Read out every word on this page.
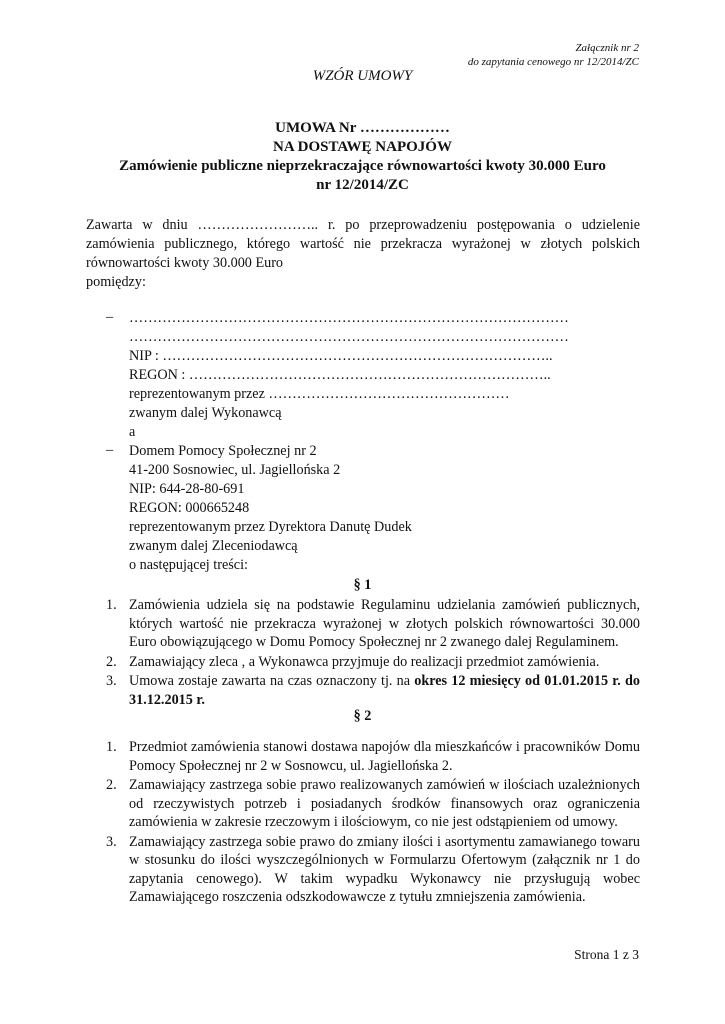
Załącznik nr 2
do zapytania cenowego nr 12/2014/ZC
WZÓR UMOWY
UMOWA Nr ………………
NA DOSTAWĘ NAPOJÓW
Zamówienie publiczne nieprzekraczające równowartości kwoty 30.000 Euro
nr 12/2014/ZC
Zawarta w dniu …………………….. r. po przeprowadzeniu postępowania o udzielenie zamówienia publicznego, którego wartość nie przekracza wyrażonej w złotych polskich równowartości kwoty 30.000 Euro
pomiędzy:
– …………………………………………………………………………………
…………………………………………………………………………………
NIP : ………………………………………………………………………..
REGON : …………………………………………………………………..
reprezentowanym przez ……………………………………………
zwanym dalej Wykonawcą
a
– Domem Pomocy Społecznej nr 2
41-200 Sosnowiec, ul. Jagiellońska 2
NIP: 644-28-80-691
REGON: 000665248
reprezentowanym przez Dyrektora Danutę Dudek
zwanym dalej Zleceniodawcą
o następującej treści:
§ 1
1. Zamówienia udziela się na podstawie Regulaminu udzielania zamówień publicznych, których wartość nie przekracza wyrażonej w złotych polskich równowartości 30.000 Euro obowiązującego w Domu Pomocy Społecznej nr 2 zwanego dalej Regulaminem.
2. Zamawiający zleca , a Wykonawca przyjmuje do realizacji przedmiot zamówienia.
3. Umowa zostaje zawarta na czas oznaczony tj. na okres 12 miesięcy od 01.01.2015 r. do 31.12.2015 r.
§ 2
1. Przedmiot zamówienia stanowi dostawa napojów dla mieszkańców i pracowników Domu Pomocy Społecznej nr 2 w Sosnowcu, ul. Jagiellońska 2.
2. Zamawiający zastrzega sobie prawo realizowanych zamówień w ilościach uzależnionych od rzeczywistych potrzeb i posiadanych środków finansowych oraz ograniczenia zamówienia w zakresie rzeczowym i ilościowym, co nie jest odstąpieniem od umowy.
3. Zamawiający zastrzega sobie prawo do zmiany ilości i asortymentu zamawianego towaru w stosunku do ilości wyszczególnionych w Formularzu Ofertowym (załącznik nr 1 do zapytania cenowego). W takim wypadku Wykonawcy nie przysługują wobec Zamawiającego roszczenia odszkodowawcze z tytułu zmniejszenia zamówienia.
Strona 1 z 3
